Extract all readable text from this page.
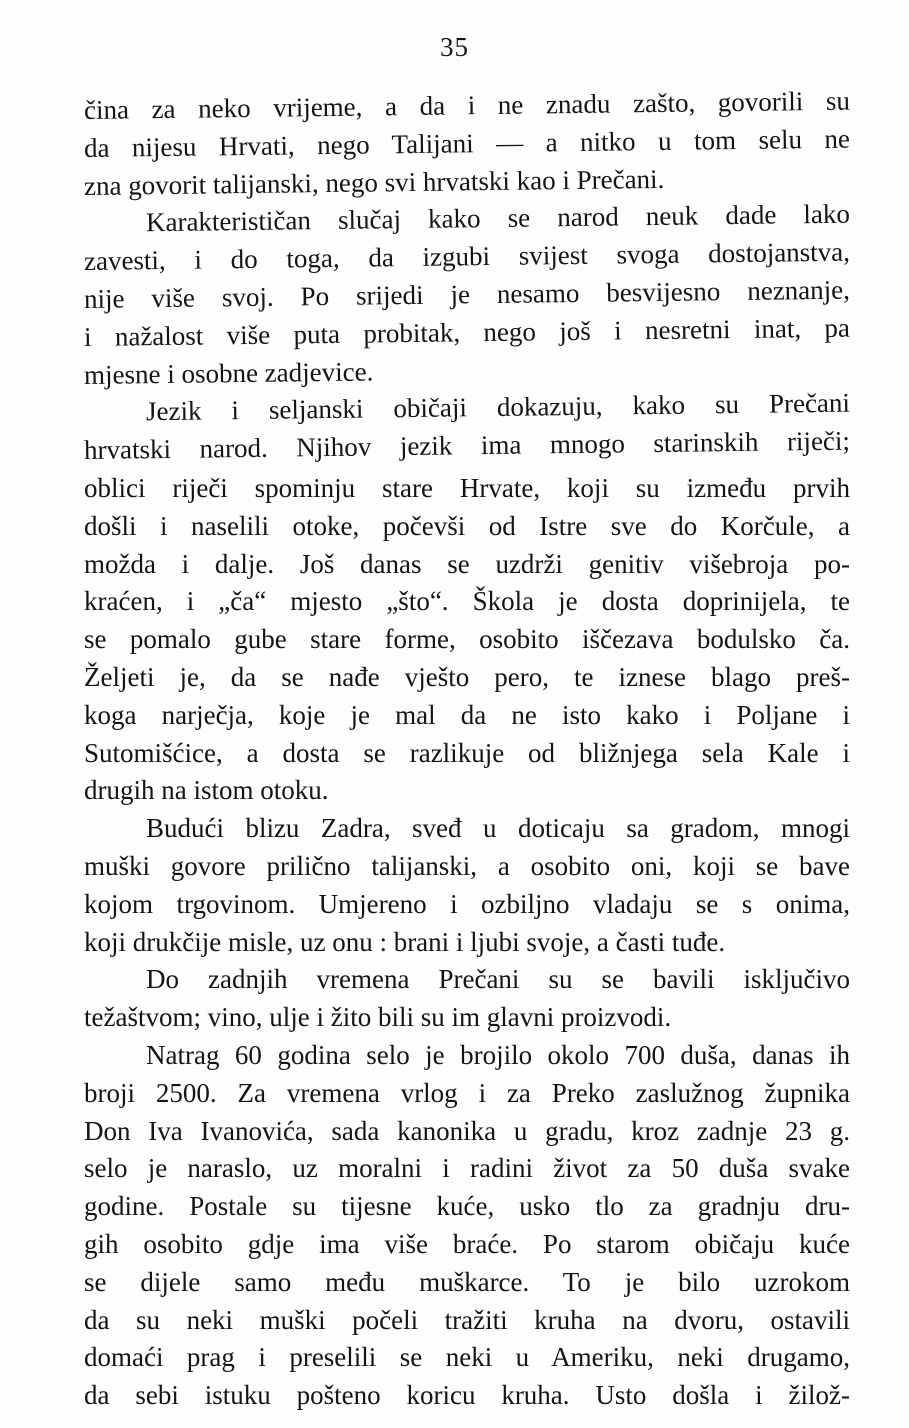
35
čina za neko vrijeme, a da i ne znadu zašto, govorili su
da nijesu Hrvati, nego Talijani — a nitko u tom selu ne
zna govorit talijanski, nego svi hrvatski kao i Prečani.
Karakterističan slučaj kako se narod neuk dade lako
zavesti, i do toga, da izgubi svijest svoga dostojanstva,
nije više svoj. Po srijedi je nesamo besvijesno neznanje,
i nažalost više puta probitak, nego još i nesretni inat, pa
mjesne i osobne zadjevice.
Jezik i seljanski običaji dokazuju, kako su Prečani
hrvatski narod. Njihov jezik ima mnogo starinskih riječi;
oblici riječi spominju stare Hrvate, koji su između prvih
došli i naselili otoke, počevši od Istre sve do Korčule, a
možda i dalje. Još danas se uzdrži genitiv višebroja po-
kraćen, i „ča“ mjesto „što“. Škola je dosta doprinijela, te
se pomalo gube stare forme, osobito iščezava bodulsko ča.
Željeti je, da se nađe vješto pero, te iznese blago preš-
koga narječja, koje je mal da ne isto kako i Poljane i
Sutomišćice, a dosta se razlikuje od bližnjega sela Kale i
drugih na istom otoku.
Budući blizu Zadra, sveđ u doticaju sa gradom, mnogi
muški govore prilično talijanski, a osobito oni, koji se bave
kojom trgovinom. Umjereno i ozbiljno vladaju se s onima,
koji drukčije misle, uz onu : brani i ljubi svoje, a časti tuđe.
Do zadnjih vremena Prečani su se bavili isključivo
težaštvom; vino, ulje i žito bili su im glavni proizvodi.
Natrag 60 godina selo je brojilo okolo 700 duša, danas ih
broji 2500. Za vremena vrlog i za Preko zaslužnog župnika
Don Iva Ivanovića, sada kanonika u gradu, kroz zadnje 23 g.
selo je naraslo, uz moralni i radini život za 50 duša svake
godine. Postale su tijesne kuće, usko tlo za gradnju dru-
gih osobito gdje ima više braće. Po starom običaju kuće
se dijele samo među muškarce. To je bilo uzrokom
da su neki muški počeli tražiti kruha na dvoru, ostavili
domaći prag i preselili se neki u Ameriku, neki drugamo,
da sebi istuku pošteno koricu kruha. Usto došla i žilož-
